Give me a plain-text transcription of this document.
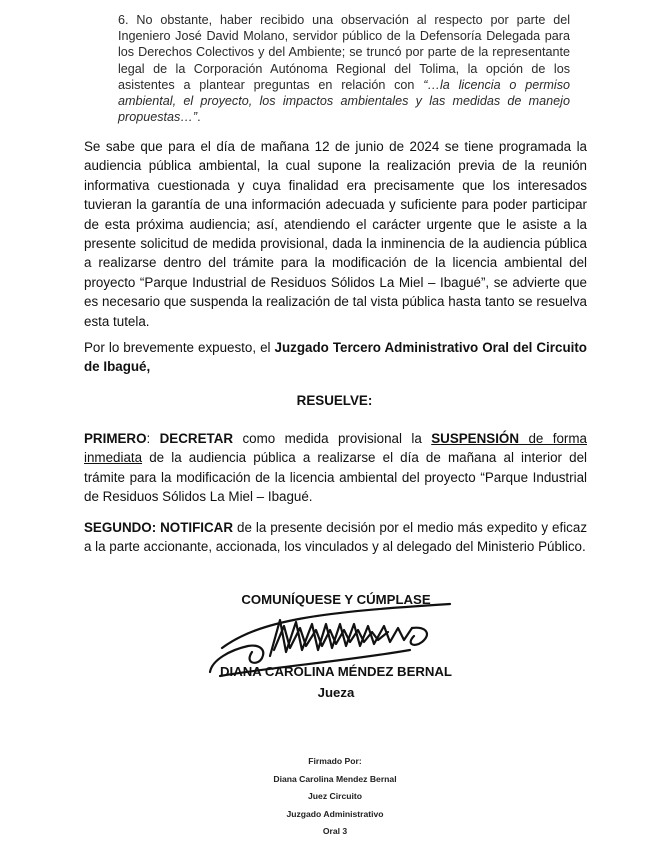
6. No obstante, haber recibido una observación al respecto por parte del Ingeniero José David Molano, servidor público de la Defensoría Delegada para los Derechos Colectivos y del Ambiente; se truncó por parte de la representante legal de la Corporación Autónoma Regional del Tolima, la opción de los asistentes a plantear preguntas en relación con “…la licencia o permiso ambiental, el proyecto, los impactos ambientales y las medidas de manejo propuestas…”.
Se sabe que para el día de mañana 12 de junio de 2024 se tiene programada la audiencia pública ambiental, la cual supone la realización previa de la reunión informativa cuestionada y cuya finalidad era precisamente que los interesados tuvieran la garantía de una información adecuada y suficiente para poder participar de esta próxima audiencia; así, atendiendo el carácter urgente que le asiste a la presente solicitud de medida provisional, dada la inminencia de la audiencia pública a realizarse dentro del trámite para la modificación de la licencia ambiental del proyecto “Parque Industrial de Residuos Sólidos La Miel – Ibagué”, se advierte que es necesario que suspenda la realización de tal vista pública hasta tanto se resuelva esta tutela.
Por lo brevemente expuesto, el Juzgado Tercero Administrativo Oral del Circuito de Ibagué,
RESUELVE:
PRIMERO: DECRETAR como medida provisional la SUSPENSIÓN de forma inmediata de la audiencia pública a realizarse el día de mañana al interior del trámite para la modificación de la licencia ambiental del proyecto “Parque Industrial de Residuos Sólidos La Miel – Ibagué.
SEGUNDO: NOTIFICAR de la presente decisión por el medio más expedito y eficaz a la parte accionante, accionada, los vinculados y al delegado del Ministerio Público.
COMUNÍQUESE Y CÚMPLASE
DIANA CAROLINA MÉNDEZ BERNAL
Jueza
Firmado Por:
Diana Carolina Mendez Bernal
Juez Circuito
Juzgado Administrativo
Oral 3
